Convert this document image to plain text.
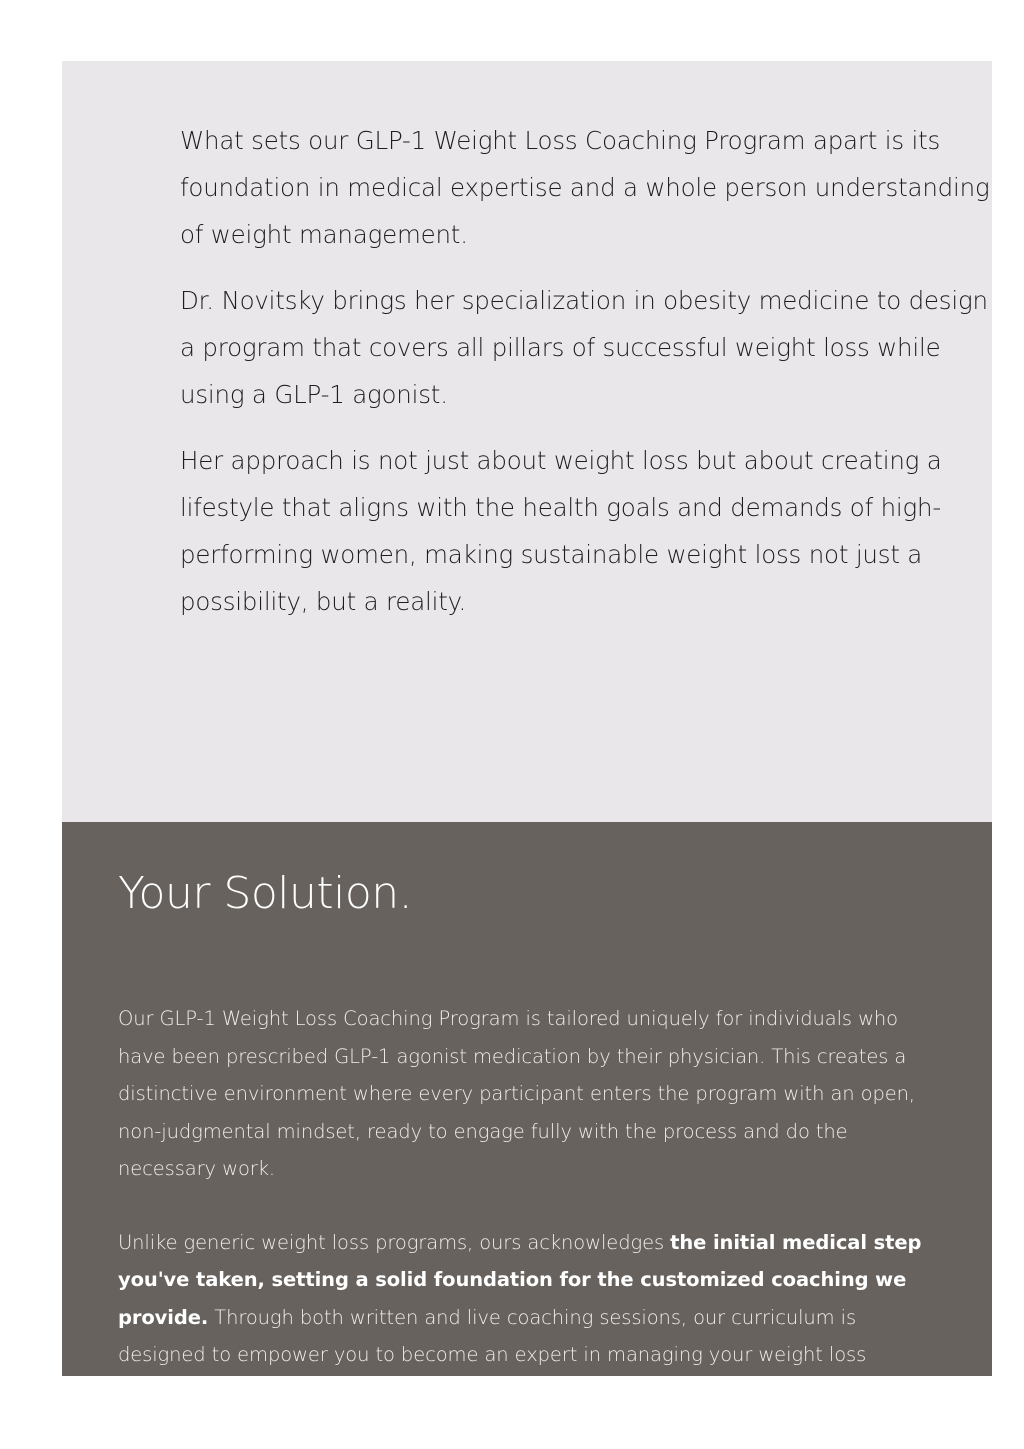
What sets our GLP-1 Weight Loss Coaching Program apart is its foundation in medical expertise and a whole person understanding of weight management.

Dr. Novitsky brings her specialization in obesity medicine to design a program that covers all pillars of successful weight loss while using a GLP-1 agonist.

Her approach is not just about weight loss but about creating a lifestyle that aligns with the health goals and demands of high-performing women, making sustainable weight loss not just a possibility, but a reality.

Your Solution.

Our GLP-1 Weight Loss Coaching Program is tailored uniquely for individuals who have been prescribed GLP-1 agonist medication by their physician. This creates a distinctive environment where every participant enters the program with an open, non-judgmental mindset, ready to engage fully with the process and do the necessary work.

Unlike generic weight loss programs, ours acknowledges the initial medical step you've taken, setting a solid foundation for the customized coaching we provide. Through both written and live coaching sessions, our curriculum is designed to empower you to become an expert in managing your weight loss
